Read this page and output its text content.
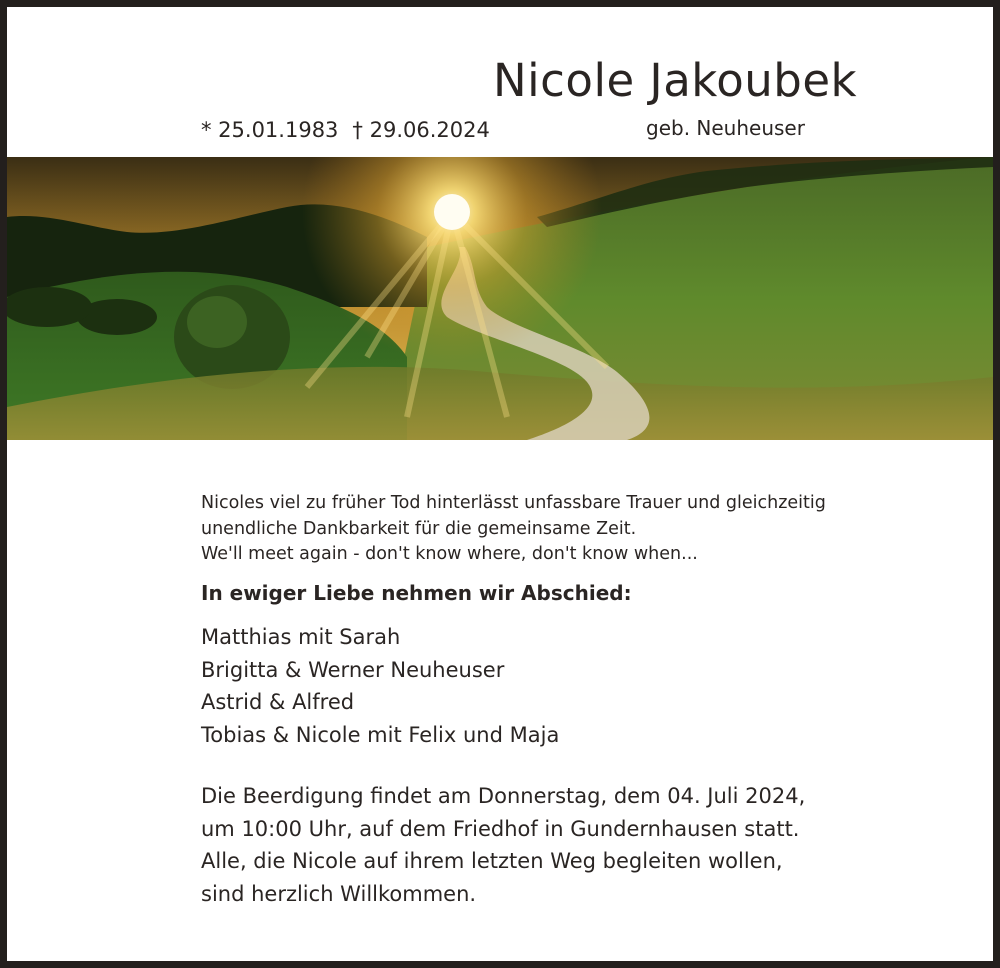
Nicole Jakoubek
* 25.01.1983 † 29.06.2024	geb. Neuheuser
Nicoles viel zu früher Tod hinterlässt unfassbare Trauer und gleichzeitig
unendliche Dankbarkeit für die gemeinsame Zeit.
We'll meet again - don't know where, don't know when...
In ewiger Liebe nehmen wir Abschied:
Matthias mit Sarah
Brigitta & Werner Neuheuser
Astrid & Alfred
Tobias & Nicole mit Felix und Maja
Die Beerdigung findet am Donnerstag, dem 04. Juli 2024,
um 10:00 Uhr, auf dem Friedhof in Gundernhausen statt.
Alle, die Nicole auf ihrem letzten Weg begleiten wollen,
sind herzlich Willkommen.
